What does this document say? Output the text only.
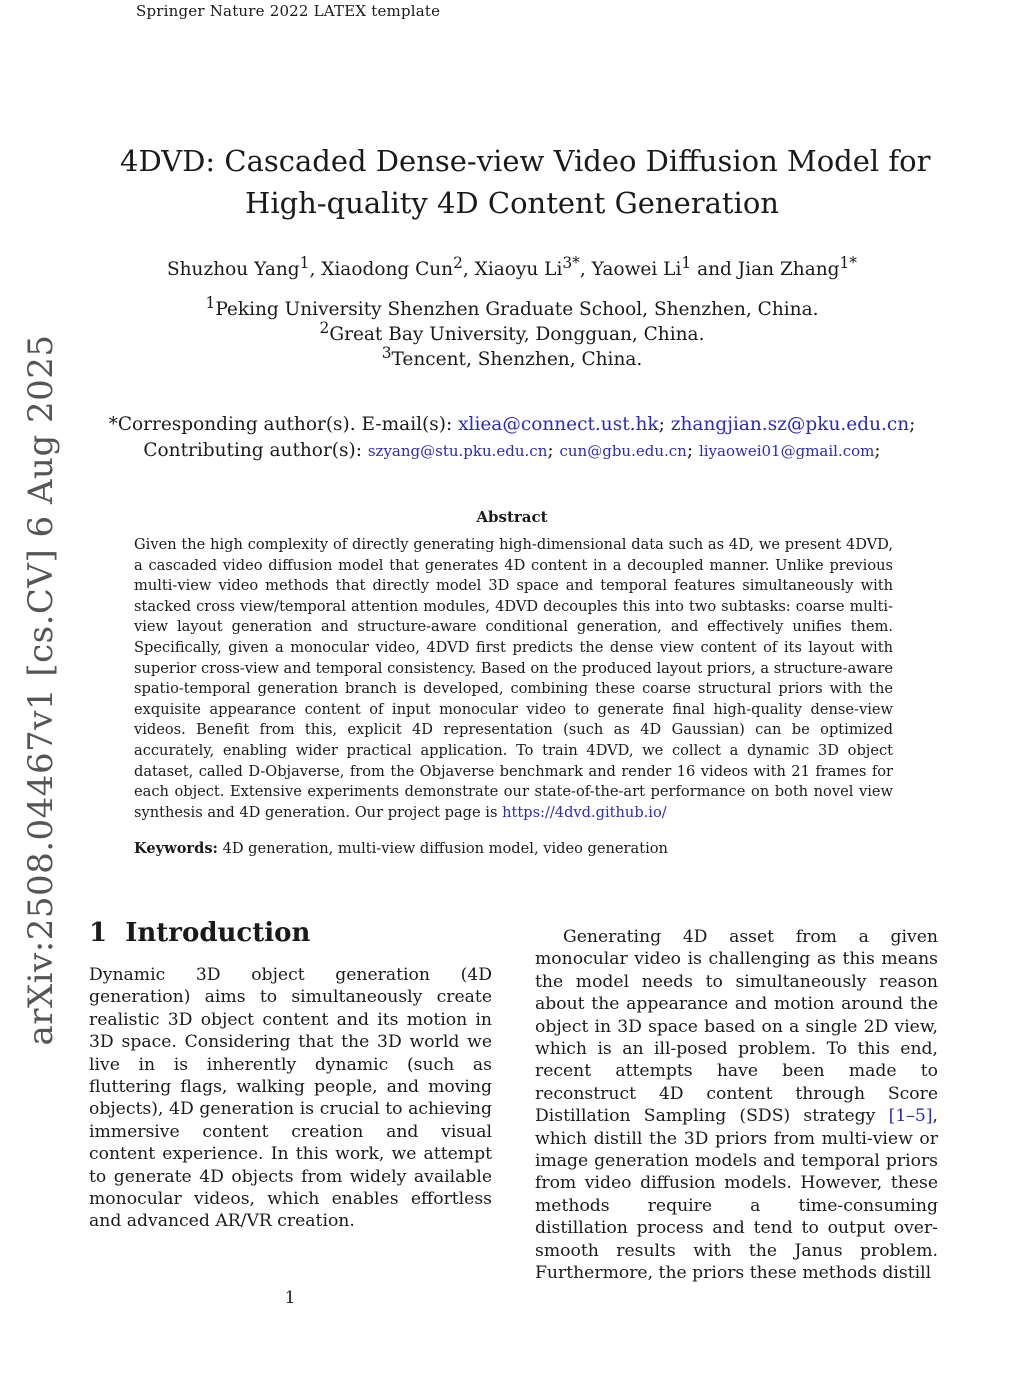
Springer Nature 2022 LATEX template
arXiv:2508.04467v1 [cs.CV] 6 Aug 2025
4DVD: Cascaded Dense-view Video Diffusion Model for
High-quality 4D Content Generation
Shuzhou Yang$^1$, Xiaodong Cun$^2$, Xiaoyu $Li^{3*}$, Yaowei Li$^1$ and Jian Zhang$^{1*}$
$^1$Peking University Shenzhen Graduate School, Shenzhen, China.
$^2$Great Bay University, Dongguan, China.
$^3$Tencent, Shenzhen, China.
*Corresponding author(s). E-mail(s): xliea@connect.ust.hk; zhangjian.sz@pku.edu.cn;
Contributing author(s): szyang@stu.pku.edu.cn; cun@gbu.edu.cn; liyaowei01@gmail.com;
Abstract
Given the high complexity of directly generating high-dimensional data such as 4D, we present 4DVD, a cascaded video diffusion model that generates 4D content in a decoupled manner. Unlike previous multi-view video methods that directly model 3D space and temporal features simultaneously with stacked cross view/temporal attention modules, 4DVD decouples this into two subtasks: coarse multi-view layout generation and structure-aware conditional generation, and effectively unifies them. Specifically, given a monocular video, 4DVD first predicts the dense view content of its layout with superior cross-view and temporal consistency. Based on the produced layout priors, a structure-aware spatio-temporal generation branch is developed, combining these coarse structural priors with the exquisite appearance content of input monocular video to generate final high-quality dense-view videos. Benefit from this, explicit 4D representation (such as 4D Gaussian) can be optimized accurately, enabling wider practical application. To train 4DVD, we collect a dynamic 3D object dataset, called D-Objaverse, from the Objaverse benchmark and render 16 videos with 21 frames for each object. Extensive experiments demonstrate our state-of-the-art performance on both novel view synthesis and 4D generation. Our project page is https://4dvd.github.io/
Keywords: 4D generation, multi-view diffusion model, video generation
1 Introduction
Dynamic 3D object generation (4D generation) aims to simultaneously create realistic 3D object content and its motion in 3D space. Considering that the 3D world we live in is inherently dynamic (such as fluttering flags, walking people, and moving objects), 4D generation is crucial to achieving immersive content creation and visual content experience. In this work, we attempt to generate 4D objects from widely available monocular videos, which enables effortless and advanced AR/VR creation.
Generating 4D asset from a given monocular video is challenging as this means the model needs to simultaneously reason about the appearance and motion around the object in 3D space based on a single 2D view, which is an ill-posed problem. To this end, recent attempts have been made to reconstruct 4D content through Score Distillation Sampling (SDS) strategy [1–5], which distill the 3D priors from multi-view or image generation models and temporal priors from video diffusion models. However, these methods require a time-consuming distillation process and tend to output over-smooth results with the Janus problem. Furthermore, the priors these methods distill
1
